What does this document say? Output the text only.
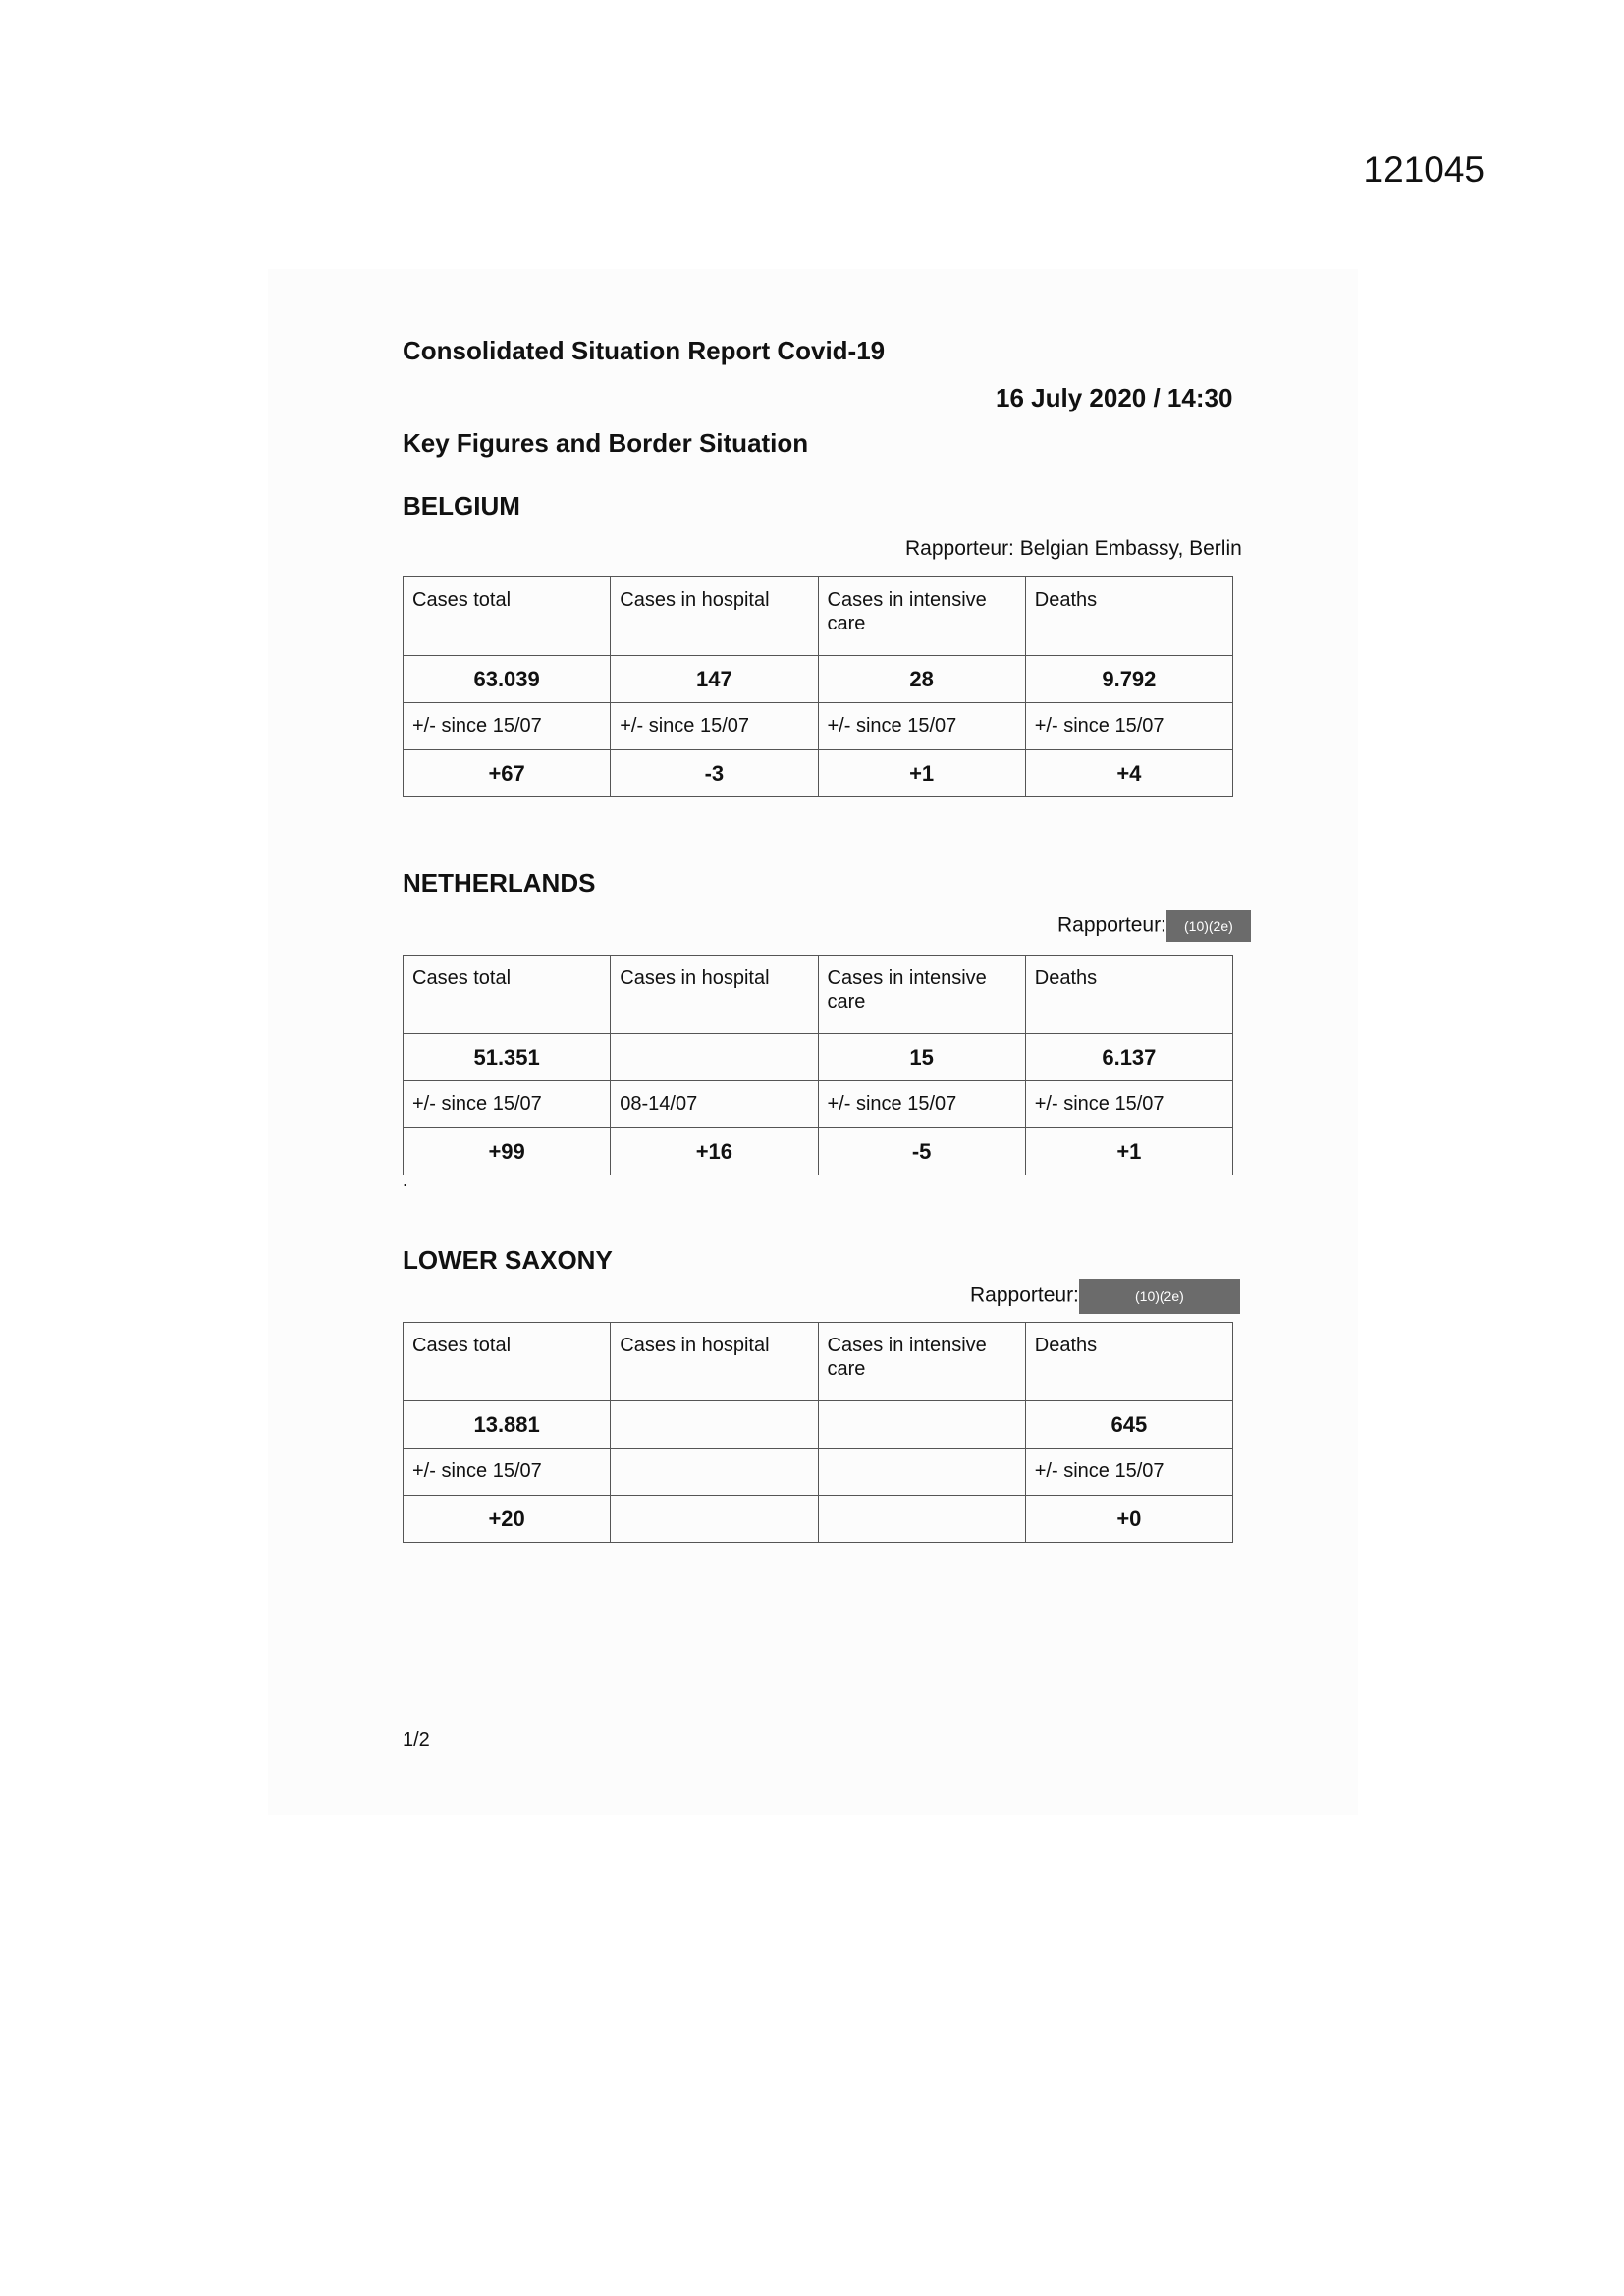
121045
Consolidated Situation Report Covid-19
16 July 2020 / 14:30
Key Figures and Border Situation
BELGIUM
Rapporteur: Belgian Embassy, Berlin
Cases total	Cases in hospital	Cases in intensive care	Deaths
63.039	147	28	9.792
+/- since 15/07	+/- since 15/07	+/- since 15/07	+/- since 15/07
+67	-3	+1	+4
NETHERLANDS
Rapporteur: (10)(2e)
Cases total	Cases in hospital	Cases in intensive care	Deaths
51.351		15	6.137
+/- since 15/07	08-14/07	+/- since 15/07	+/- since 15/07
+99	+16	-5	+1
.
LOWER SAXONY
Rapporteur:	(10)(2e)
Cases total	Cases in hospital	Cases in intensive care	Deaths
13.881			645
+/- since 15/07			+/- since 15/07
+20			+0
1/2
